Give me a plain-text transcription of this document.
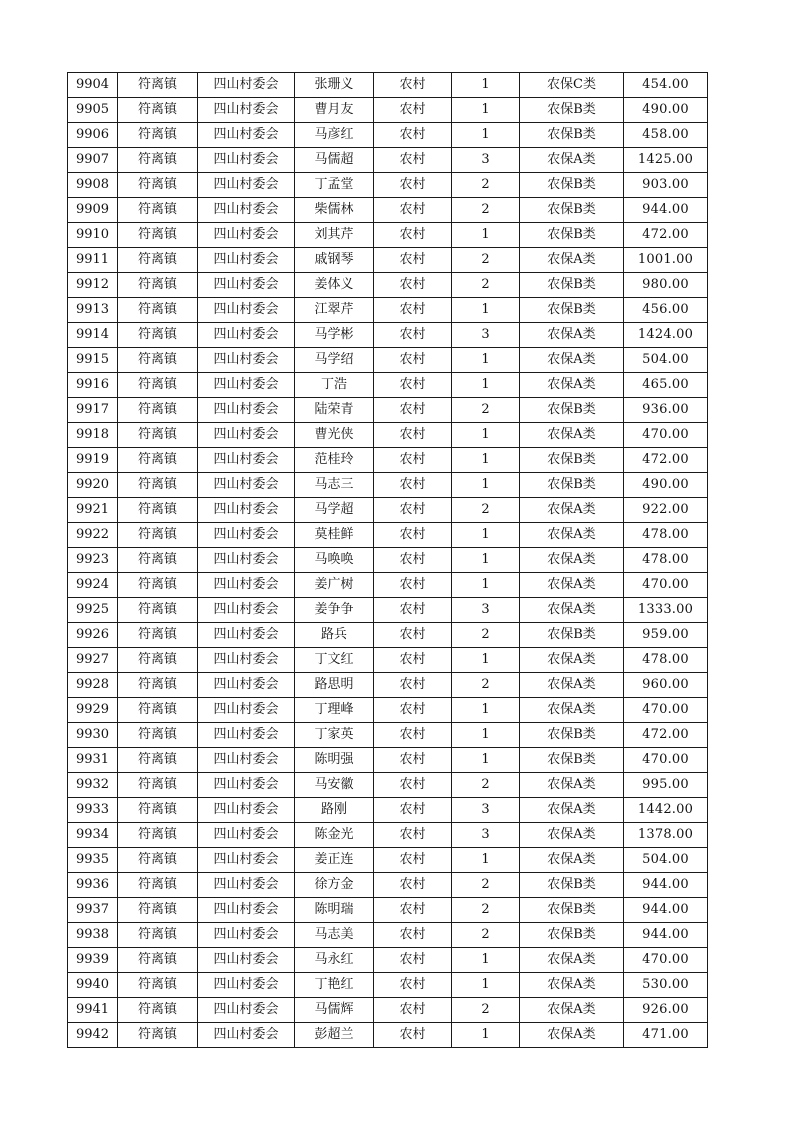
9904	符离镇	四山村委会	张珊义	农村	1	农保C类	454.00
9905	符离镇	四山村委会	曹月友	农村	1	农保B类	490.00
9906	符离镇	四山村委会	马彦红	农村	1	农保B类	458.00
9907	符离镇	四山村委会	马儒超	农村	3	农保A类	1425.00
9908	符离镇	四山村委会	丁孟堂	农村	2	农保B类	903.00
9909	符离镇	四山村委会	柴儒林	农村	2	农保B类	944.00
9910	符离镇	四山村委会	刘其芹	农村	1	农保B类	472.00
9911	符离镇	四山村委会	戚钢琴	农村	2	农保A类	1001.00
9912	符离镇	四山村委会	姜体义	农村	2	农保B类	980.00
9913	符离镇	四山村委会	江翠芹	农村	1	农保B类	456.00
9914	符离镇	四山村委会	马学彬	农村	3	农保A类	1424.00
9915	符离镇	四山村委会	马学绍	农村	1	农保A类	504.00
9916	符离镇	四山村委会	丁浩	农村	1	农保A类	465.00
9917	符离镇	四山村委会	陆荣青	农村	2	农保B类	936.00
9918	符离镇	四山村委会	曹光侠	农村	1	农保A类	470.00
9919	符离镇	四山村委会	范桂玲	农村	1	农保B类	472.00
9920	符离镇	四山村委会	马志三	农村	1	农保B类	490.00
9921	符离镇	四山村委会	马学超	农村	2	农保A类	922.00
9922	符离镇	四山村委会	莫桂鲜	农村	1	农保A类	478.00
9923	符离镇	四山村委会	马唤唤	农村	1	农保A类	478.00
9924	符离镇	四山村委会	姜广树	农村	1	农保A类	470.00
9925	符离镇	四山村委会	姜争争	农村	3	农保A类	1333.00
9926	符离镇	四山村委会	路兵	农村	2	农保B类	959.00
9927	符离镇	四山村委会	丁文红	农村	1	农保A类	478.00
9928	符离镇	四山村委会	路思明	农村	2	农保A类	960.00
9929	符离镇	四山村委会	丁理峰	农村	1	农保A类	470.00
9930	符离镇	四山村委会	丁家英	农村	1	农保B类	472.00
9931	符离镇	四山村委会	陈明强	农村	1	农保B类	470.00
9932	符离镇	四山村委会	马安徽	农村	2	农保A类	995.00
9933	符离镇	四山村委会	路刚	农村	3	农保A类	1442.00
9934	符离镇	四山村委会	陈金光	农村	3	农保A类	1378.00
9935	符离镇	四山村委会	姜正连	农村	1	农保A类	504.00
9936	符离镇	四山村委会	徐方金	农村	2	农保B类	944.00
9937	符离镇	四山村委会	陈明瑞	农村	2	农保B类	944.00
9938	符离镇	四山村委会	马志美	农村	2	农保B类	944.00
9939	符离镇	四山村委会	马永红	农村	1	农保A类	470.00
9940	符离镇	四山村委会	丁艳红	农村	1	农保A类	530.00
9941	符离镇	四山村委会	马儒辉	农村	2	农保A类	926.00
9942	符离镇	四山村委会	彭超兰	农村	1	农保A类	471.00
